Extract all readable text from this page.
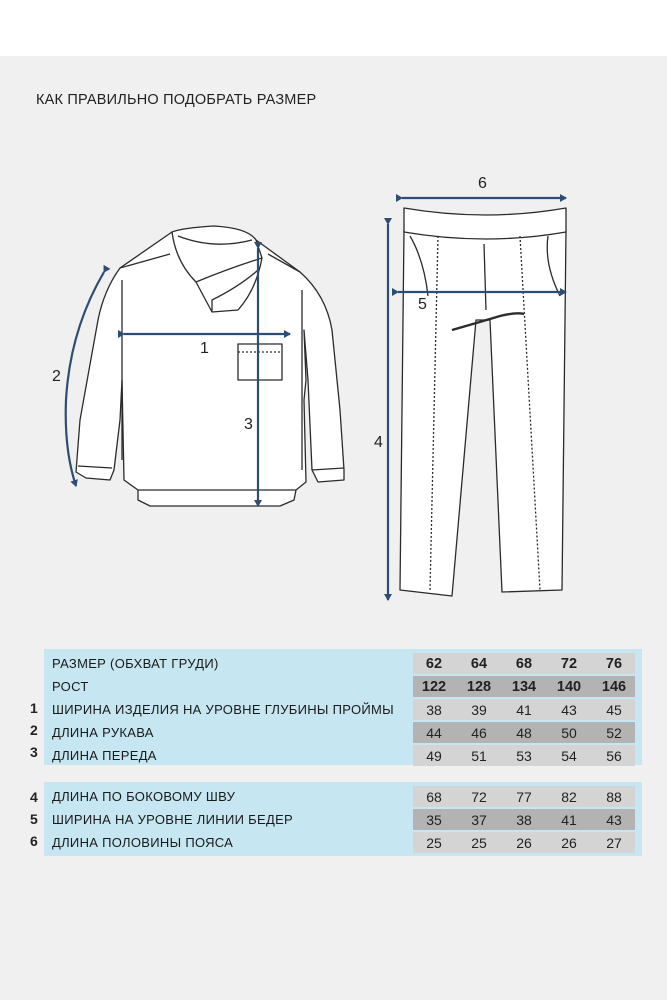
КАК ПРАВИЛЬНО ПОДОБРАТЬ РАЗМЕР
1
2
3
4
5
6
РАЗМЕР (ОБХВАТ ГРУДИ)	62	64	68	72	76
РОСТ	122 128 134 140 146
ШИРИНА ИЗДЕЛИЯ НА УРОВНЕ ГЛУБИНЫ ПРОЙМЫ	38	39	41	43	45
ДЛИНА РУКАВА	44	46	48	50	52
ДЛИНА ПЕРЕДА	49	51	53	54	56
1
2
3
ДЛИНА ПО БОКОВОМУ ШВУ	68	72	77	82	88
ШИРИНА НА УРОВНЕ ЛИНИИ БЕДЕР	35	37	38	41	43
ДЛИНА ПОЛОВИНЫ ПОЯСА	25	25	26	26	27
4
5
6
